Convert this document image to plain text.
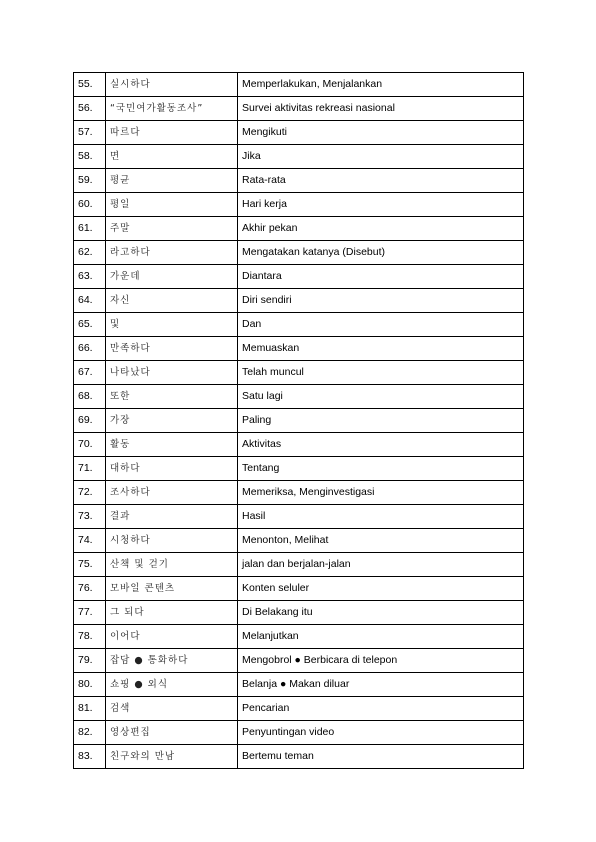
55.	실시하다	Memperlakukan, Menjalankan
56.	“국민여가활동조사”	Survei aktivitas rekreasi nasional
57.	따르다	Mengikuti
58.	면	Jika
59.	평균	Rata-rata
60.	평일	Hari kerja
61.	주말	Akhir pekan
62.	라고하다	Mengatakan katanya (Disebut)
63.	가운데	Diantara
64.	자신	Diri sendiri
65.	및	Dan
66.	만족하다	Memuaskan
67.	나타났다	Telah muncul
68.	또한	Satu lagi
69.	가장	Paling
70.	활동	Aktivitas
71.	대하다	Tentang
72.	조사하다	Memeriksa, Menginvestigasi
73.	결과	Hasil
74.	시청하다	Menonton, Melihat
75.	산책 및 걷기	jalan dan berjalan-jalan
76.	모바일 콘텐츠	Konten seluler
77.	그 되다	Di Belakang itu
78.	이어다	Melanjutkan
79.	잡담 ● 통화하다	Mengobrol ● Berbicara di telepon
80.	쇼핑 ● 외식	Belanja ● Makan diluar
81.	검색	Pencarian
82.	영상편집	Penyuntingan video
83.	친구와의 만남	Bertemu teman
